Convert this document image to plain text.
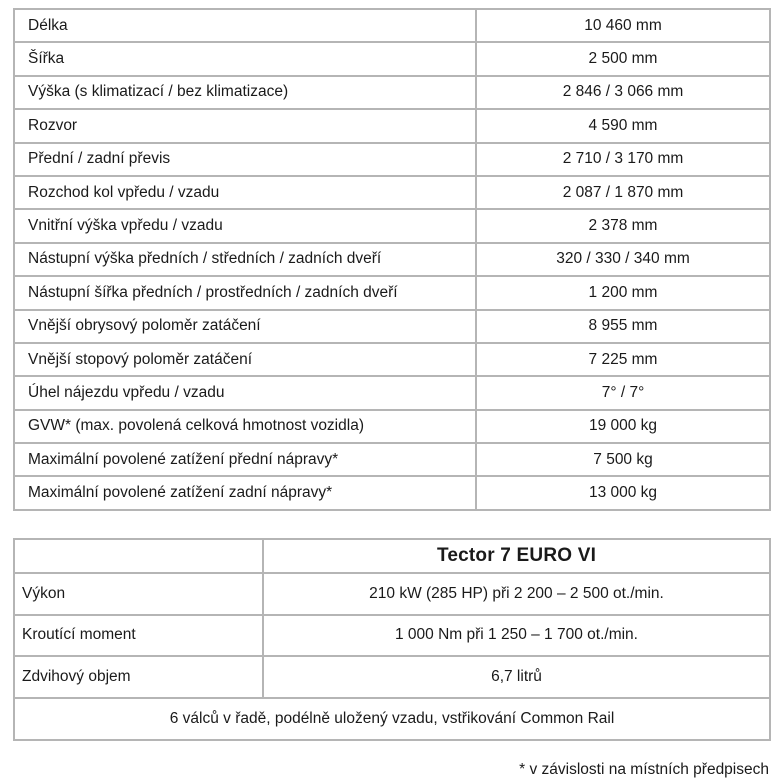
Délka	10 460 mm
Šířka	2 500 mm
Výška (s klimatizací / bez klimatizace)	2 846 / 3 066 mm
Rozvor	4 590 mm
Přední / zadní převis	2 710 / 3 170 mm
Rozchod kol vpředu / vzadu	2 087 / 1 870 mm
Vnitřní výška vpředu / vzadu	2 378 mm
Nástupní výška předních / středních / zadních dveří	320 / 330 / 340 mm
Nástupní šířka předních / prostředních / zadních dveří	1 200 mm
Vnější obrysový poloměr zatáčení	8 955 mm
Vnější stopový poloměr zatáčení	7 225 mm
Úhel nájezdu vpředu / vzadu	7° / 7°
GVW* (max. povolená celková hmotnost vozidla)	19 000 kg
Maximální povolené zatížení přední nápravy*	7 500 kg
Maximální povolené zatížení zadní nápravy*	13 000 kg
	Tector 7 EURO VI
Výkon	210 kW (285 HP) při 2 200 – 2 500 ot./min.
Kroutící moment	1 000 Nm při 1 250 – 1 700 ot./min.
Zdvihový objem	6,7 litrů
6 válců v řadě, podélně uložený vzadu, vstřikování Common Rail	
* v závislosti na místních předpisech
